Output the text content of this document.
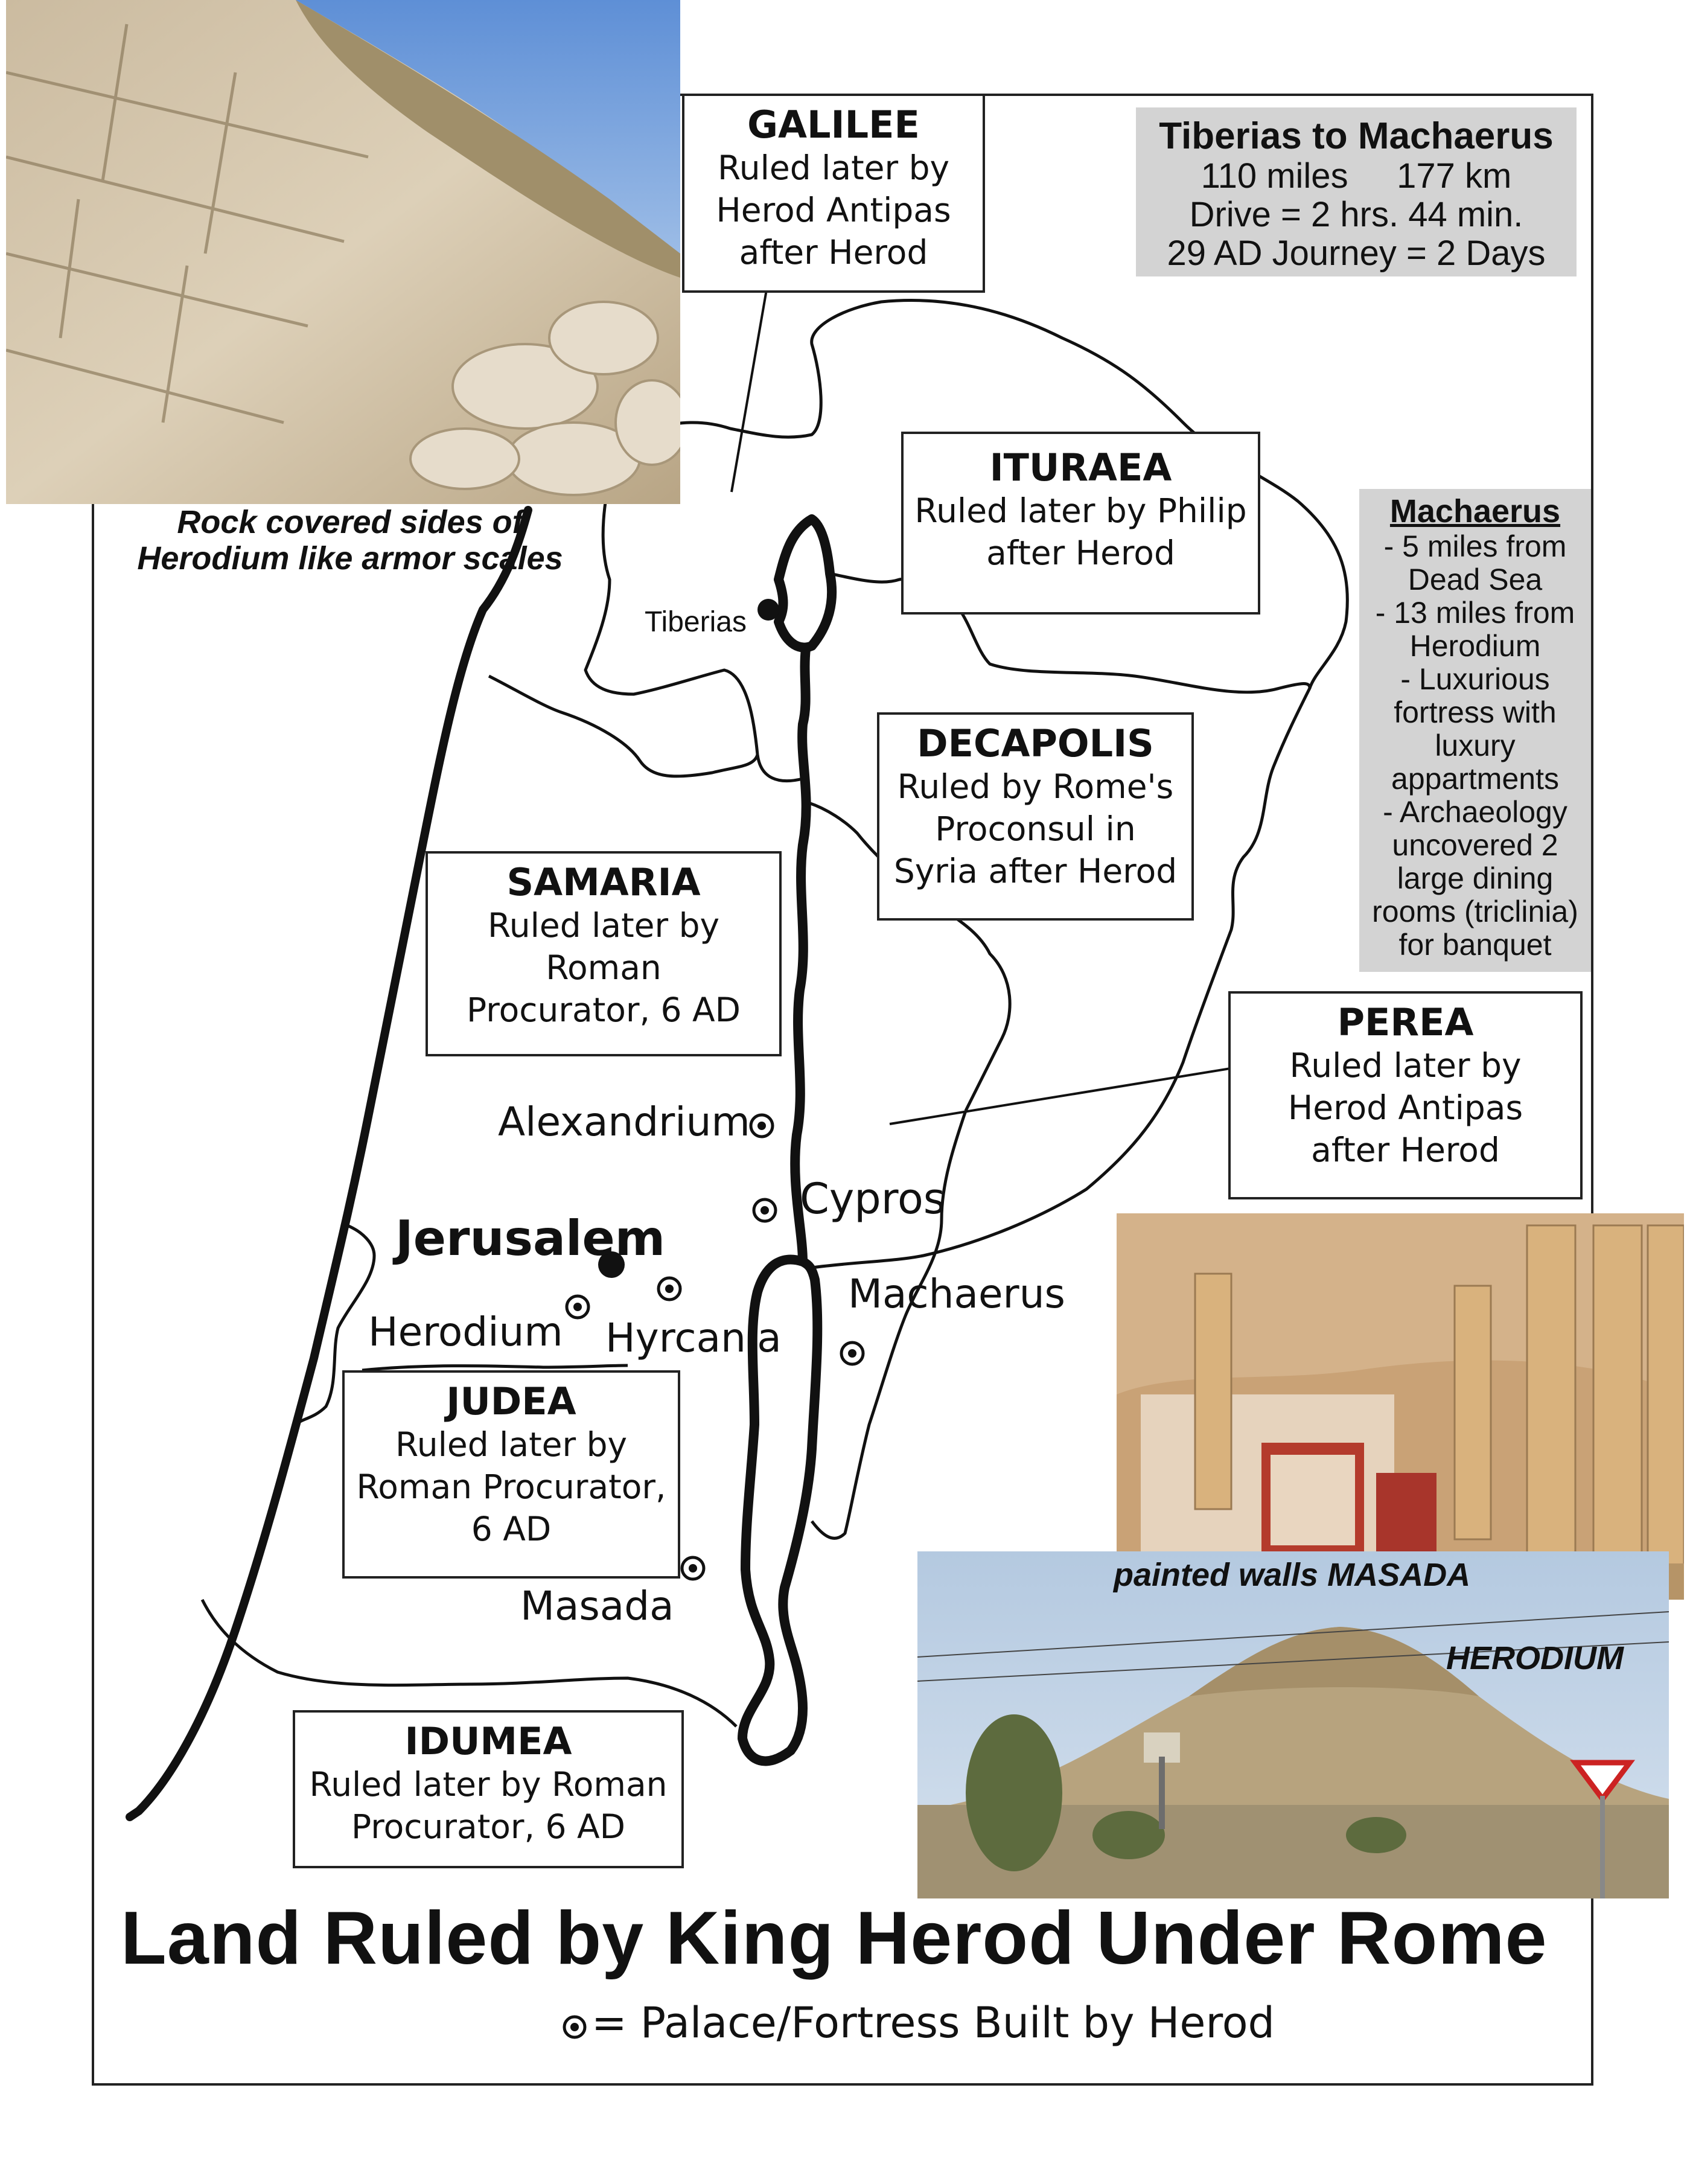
Rock covered sides of
Herodium like armor scales
GALILEE
Ruled later by
Herod Antipas
after Herod
Tiberias to Machaerus
110 miles     177 km
Drive = 2 hrs. 44 min.
29 AD Journey = 2 Days
ITURAEA
Ruled later by Philip
after Herod
Machaerus
- 5 miles from
Dead Sea
- 13 miles from
Herodium
- Luxurious
fortress with
luxury
appartments
- Archaeology
uncovered 2
large dining
rooms (triclinia)
for banquet
Tiberias
DECAPOLIS
Ruled by Rome's
Proconsul in
Syria after Herod
SAMARIA
Ruled later by
Roman
Procurator, 6 AD	PEREA
Ruled later by
Herod Antipas
after Herod
Alexandrium
Cypros
Jerusalem
Herodium Hyrcania
Machaerus
Masada
JUDEA
Ruled later by
Roman Procurator,
6 AD
painted walls MASADA
HERODIUM
IDUMEA
Ruled later by Roman
Procurator, 6 AD
Land Ruled by King Herod Under Rome
= Palace/Fortress Built by Herod
